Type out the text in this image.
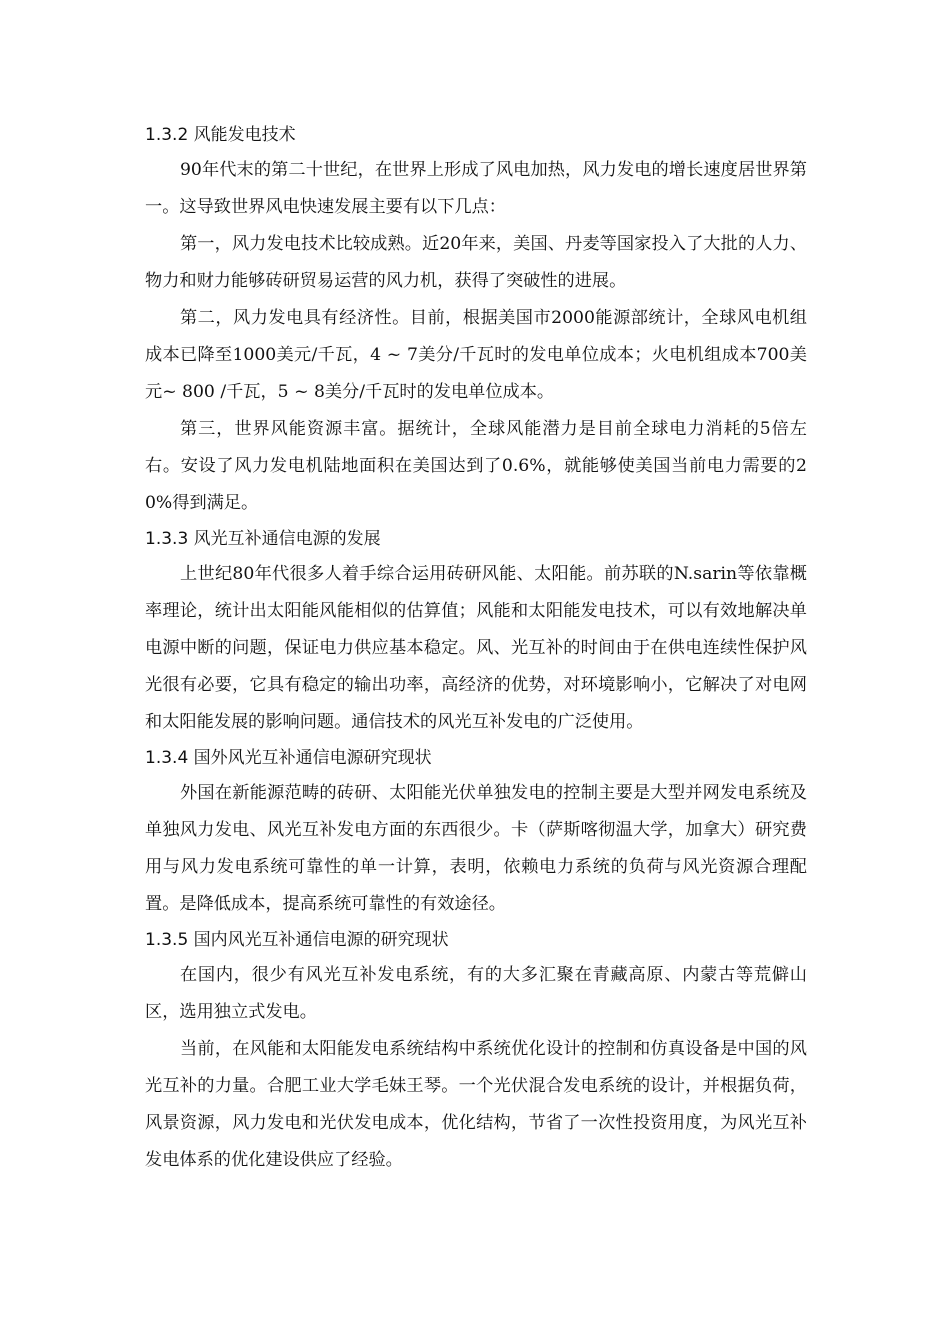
1.3.2 风能发电技术

90年代末的第二十世纪，在世界上形成了风电加热，风力发电的增长速度居世界第一。这导致世界风电快速发展主要有以下几点：

第一，风力发电技术比较成熟。近20年来，美国、丹麦等国家投入了大批的人力、物力和财力能够砖研贸易运营的风力机，获得了突破性的进展。

第二，风力发电具有经济性。目前，根据美国市2000能源部统计，全球风电机组成本已降至1000美元/千瓦，4 ~ 7美分/千瓦时的发电单位成本；火电机组成本700美元~ 800 /千瓦，5 ~ 8美分/千瓦时的发电单位成本。

第三，世界风能资源丰富。据统计，全球风能潜力是目前全球电力消耗的5倍左右。安设了风力发电机陆地面积在美国达到了0.6%，就能够使美国当前电力需要的20%得到满足。

1.3.3 风光互补通信电源的发展

上世纪80年代很多人着手综合运用砖研风能、太阳能。前苏联的N.sarin等依靠概率理论，统计出太阳能风能相似的估算值；风能和太阳能发电技术，可以有效地解决单电源中断的问题，保证电力供应基本稳定。风、光互补的时间由于在供电连续性保护风光很有必要，它具有稳定的输出功率，高经济的优势，对环境影响小，它解决了对电网和太阳能发展的影响问题。通信技术的风光互补发电的广泛使用。

1.3.4 国外风光互补通信电源研究现状

外国在新能源范畴的砖研、太阳能光伏单独发电的控制主要是大型并网发电系统及单独风力发电、风光互补发电方面的东西很少。卡（萨斯喀彻温大学，加拿大）研究费用与风力发电系统可靠性的单一计算，表明，依赖电力系统的负荷与风光资源合理配置。是降低成本，提高系统可靠性的有效途径。

1.3.5 国内风光互补通信电源的研究现状

在国内，很少有风光互补发电系统，有的大多汇聚在青藏高原、内蒙古等荒僻山区，选用独立式发电。

当前，在风能和太阳能发电系统结构中系统优化设计的控制和仿真设备是中国的风光互补的力量。合肥工业大学毛妹王琴。一个光伏混合发电系统的设计，并根据负荷，风景资源，风力发电和光伏发电成本，优化结构，节省了一次性投资用度，为风光互补发电体系的优化建设供应了经验。
